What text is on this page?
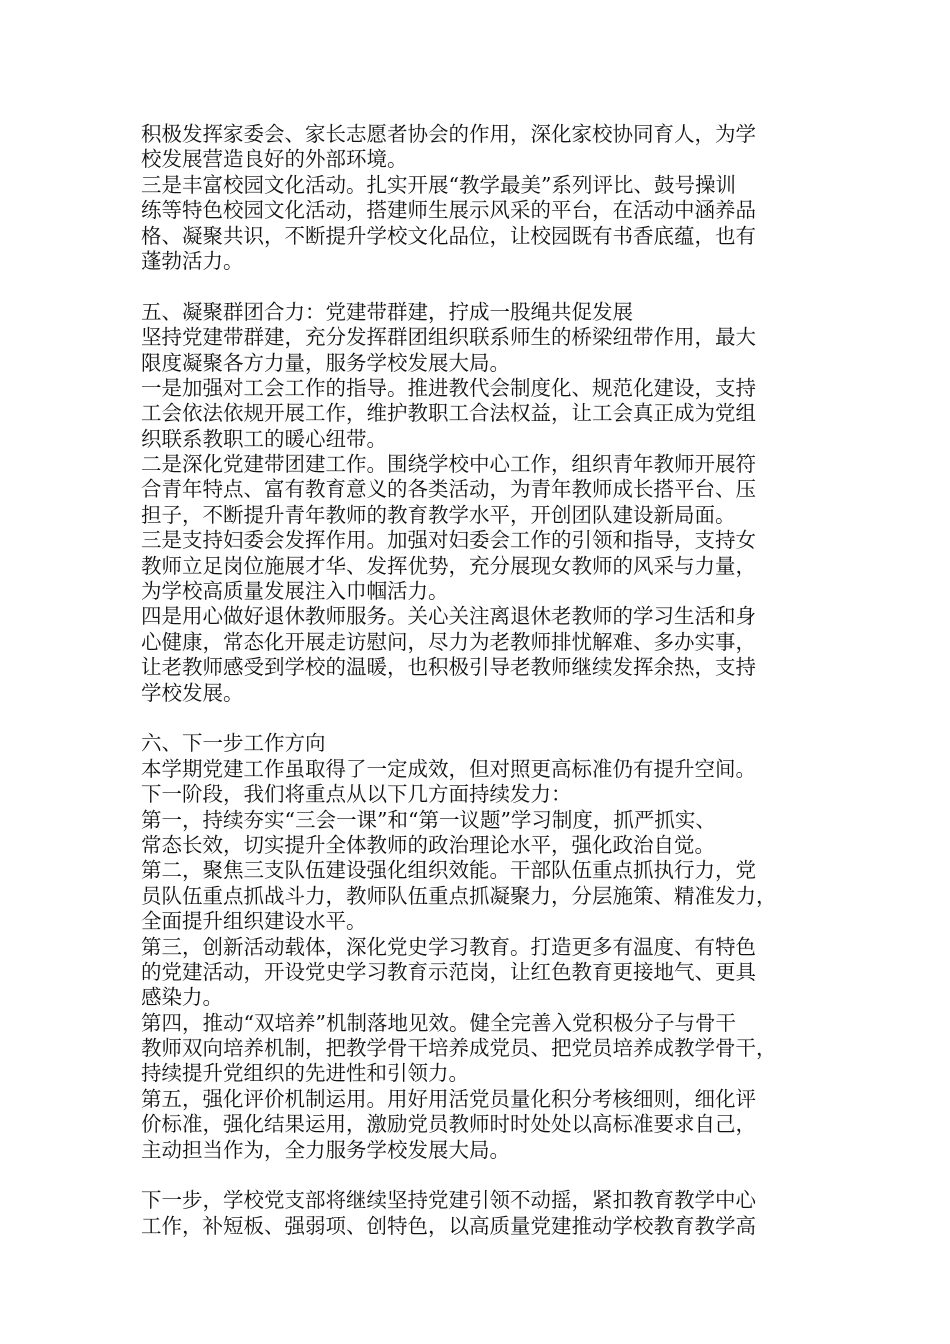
积极发挥家委会、家长志愿者协会的作用，深化家校协同育人，为学
校发展营造良好的外部环境。
三是丰富校园文化活动。扎实开展“教学最美”系列评比、鼓号操训
练等特色校园文化活动，搭建师生展示风采的平台，在活动中涵养品
格、凝聚共识，不断提升学校文化品位，让校园既有书香底蕴，也有
蓬勃活力。
五、凝聚群团合力：党建带群建，拧成一股绳共促发展
坚持党建带群建，充分发挥群团组织联系师生的桥梁纽带作用，最大
限度凝聚各方力量，服务学校发展大局。
一是加强对工会工作的指导。推进教代会制度化、规范化建设，支持
工会依法依规开展工作，维护教职工合法权益，让工会真正成为党组
织联系教职工的暖心纽带。
二是深化党建带团建工作。围绕学校中心工作，组织青年教师开展符
合青年特点、富有教育意义的各类活动，为青年教师成长搭平台、压
担子，不断提升青年教师的教育教学水平，开创团队建设新局面。
三是支持妇委会发挥作用。加强对妇委会工作的引领和指导，支持女
教师立足岗位施展才华、发挥优势，充分展现女教师的风采与力量，
为学校高质量发展注入巾帼活力。
四是用心做好退休教师服务。关心关注离退休老教师的学习生活和身
心健康，常态化开展走访慰问，尽力为老教师排忧解难、多办实事，
让老教师感受到学校的温暖，也积极引导老教师继续发挥余热，支持
学校发展。
六、下一步工作方向
本学期党建工作虽取得了一定成效，但对照更高标准仍有提升空间。
下一阶段，我们将重点从以下几方面持续发力：
第一，持续夯实“三会一课”和“第一议题”学习制度，抓严抓实、
常态长效，切实提升全体教师的政治理论水平，强化政治自觉。
第二，聚焦三支队伍建设强化组织效能。干部队伍重点抓执行力，党
员队伍重点抓战斗力，教师队伍重点抓凝聚力，分层施策、精准发力，
全面提升组织建设水平。
第三，创新活动载体，深化党史学习教育。打造更多有温度、有特色
的党建活动，开设党史学习教育示范岗，让红色教育更接地气、更具
感染力。
第四，推动“双培养”机制落地见效。健全完善入党积极分子与骨干
教师双向培养机制，把教学骨干培养成党员、把党员培养成教学骨干，
持续提升党组织的先进性和引领力。
第五，强化评价机制运用。用好用活党员量化积分考核细则，细化评
价标准，强化结果运用，激励党员教师时时处处以高标准要求自己，
主动担当作为，全力服务学校发展大局。
下一步，学校党支部将继续坚持党建引领不动摇，紧扣教育教学中心
工作，补短板、强弱项、创特色，以高质量党建推动学校教育教学高
